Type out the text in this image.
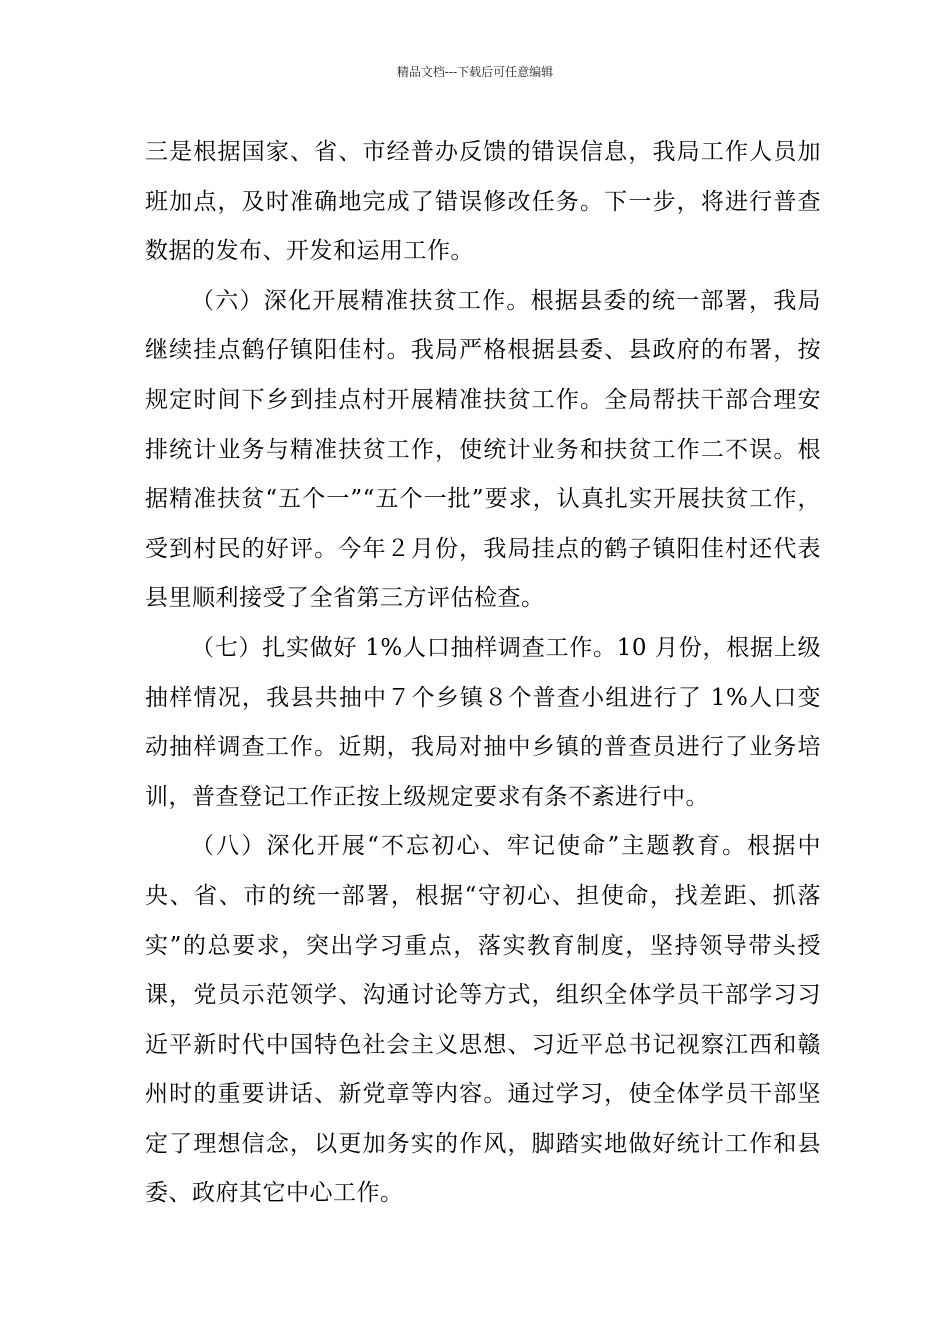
精品文档---下载后可任意编辑

三是根据国家、省、市经普办反馈的错误信息，我局工作人员加班加点，及时准确地完成了错误修改任务。下一步，将进行普查数据的发布、开发和运用工作。

（六）深化开展精准扶贫工作。根据县委的统一部署，我局继续挂点鹤仔镇阳佳村。我局严格根据县委、县政府的布署，按规定时间下乡到挂点村开展精准扶贫工作。全局帮扶干部合理安排统计业务与精准扶贫工作，使统计业务和扶贫工作二不误。根据精准扶贫“五个一”“五个一批”要求，认真扎实开展扶贫工作，受到村民的好评。今年２月份，我局挂点的鹤子镇阳佳村还代表县里顺利接受了全省第三方评估检查。

（七）扎实做好 1%人口抽样调查工作。10 月份，根据上级抽样情况，我县共抽中７个乡镇８个普查小组进行了 1%人口变动抽样调查工作。近期，我局对抽中乡镇的普查员进行了业务培训，普查登记工作正按上级规定要求有条不紊进行中。

（八）深化开展“不忘初心、牢记使命”主题教育。根据中央、省、市的统一部署，根据“守初心、担使命，找差距、抓落实”的总要求，突出学习重点，落实教育制度，坚持领导带头授课，党员示范领学、沟通讨论等方式，组织全体学员干部学习习近平新时代中国特色社会主义思想、习近平总书记视察江西和赣州时的重要讲话、新党章等内容。通过学习，使全体学员干部坚定了理想信念，以更加务实的作风，脚踏实地做好统计工作和县委、政府其它中心工作。
